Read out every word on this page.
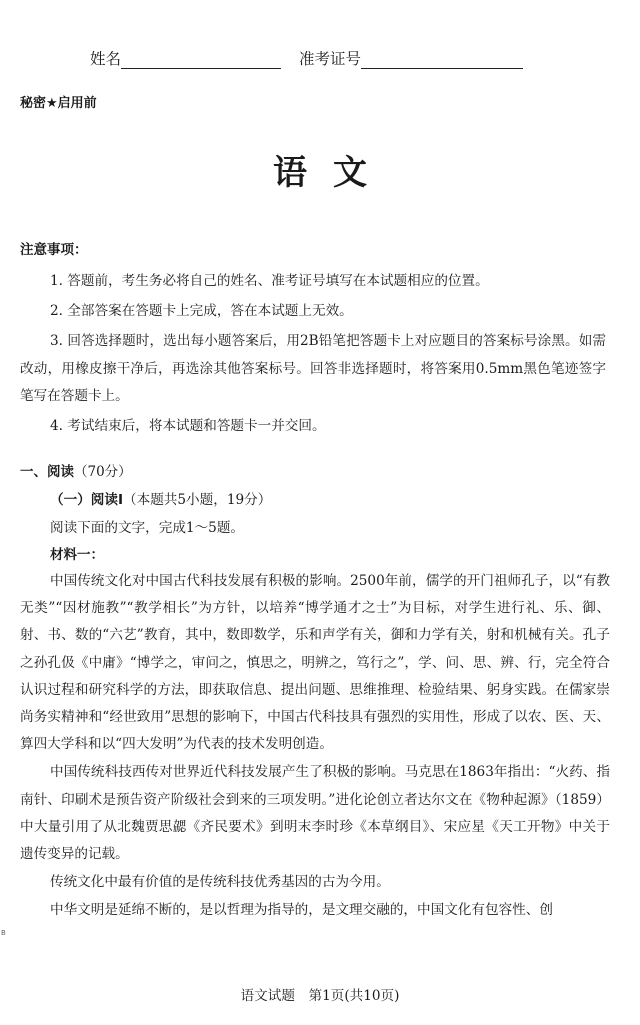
姓名	准考证号
秘密★启用前
语文
注意事项：

1. 答题前，考生务必将自己的姓名、准考证号填写在本试题相应的位置。

2. 全部答案在答题卡上完成，答在本试题上无效。

3. 回答选择题时，选出每小题答案后，用2B铅笔把答题卡上对应题目的答案标号涂黑。如需改动，用橡皮擦干净后，再选涂其他答案标号。回答非选择题时，将答案用0.5mm黑色笔迹签字笔写在答题卡上。

4. 考试结束后，将本试题和答题卡一并交回。

一、阅读（70分）
（一）阅读Ⅰ（本题共5小题，19分）
阅读下面的文字，完成1～5题。
材料一：

中国传统文化对中国古代科技发展有积极的影响。2500年前，儒学的开门祖师孔子，以“有教无类”“因材施教”“教学相长”为方针，以培养“博学通才之士”为目标，对学生进行礼、乐、御、射、书、数的“六艺”教育，其中，数即数学，乐和声学有关，御和力学有关，射和机械有关。孔子之孙孔伋《中庸》“博学之，审问之，慎思之，明辨之，笃行之”，学、问、思、辨、行，完全符合认识过程和研究科学的方法，即获取信息、提出问题、思维推理、检验结果、躬身实践。在儒家崇尚务实精神和“经世致用”思想的影响下，中国古代科技具有强烈的实用性，形成了以农、医、天、算四大学科和以“四大发明”为代表的技术发明创造。

中国传统科技西传对世界近代科技发展产生了积极的影响。马克思在1863年指出：“火药、指南针、印刷术是预告资产阶级社会到来的三项发明。”进化论创立者达尔文在《物种起源》（1859）中大量引用了从北魏贾思勰《齐民要术》到明末李时珍《本草纲目》、宋应星《天工开物》中关于遗传变异的记载。

传统文化中最有价值的是传统科技优秀基因的古为今用。

中华文明是延绵不断的，是以哲理为指导的，是文理交融的，中国文化有包容性、创

B
语文试题　第1页(共10页)
